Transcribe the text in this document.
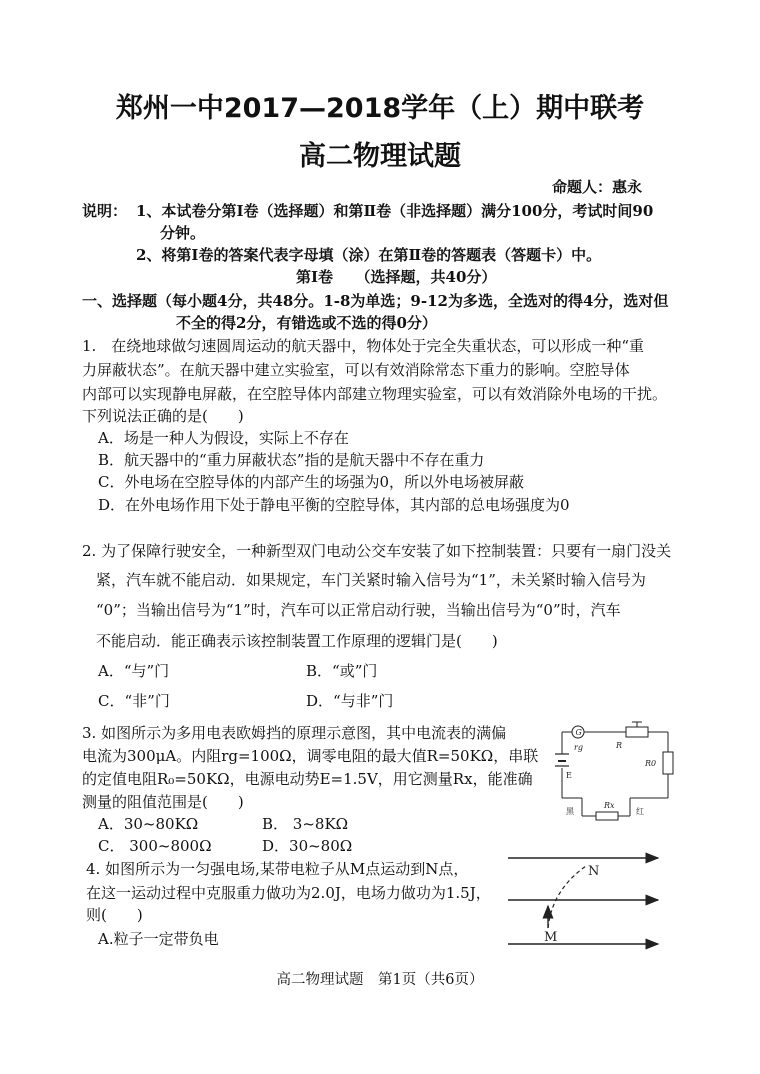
郑州一中2017—2018学年（上）期中联考
高二物理试题
命题人：惠永
说明： 1、本试卷分第Ⅰ卷（选择题）和第Ⅱ卷（非选择题）满分100分，考试时间90
分钟。
2、将第Ⅰ卷的答案代表字母填（涂）在第Ⅱ卷的答题表（答题卡）中。
第Ⅰ卷　　（选择题，共40分）
一、选择题（每小题4分，共48分。1-8为单选；9-12为多选，全选对的得4分，选对但
不全的得2分，有错选或不选的得0分）
1.　在绕地球做匀速圆周运动的航天器中，物体处于完全失重状态，可以形成一种“重
力屏蔽状态”。在航天器中建立实验室，可以有效消除常态下重力的影响。空腔导体
内部可以实现静电屏蔽，在空腔导体内部建立物理实验室，可以有效消除外电场的干扰。
下列说法正确的是(　　)
A．场是一种人为假设，实际上不存在
B．航天器中的“重力屏蔽状态”指的是航天器中不存在重力
C．外电场在空腔导体的内部产生的场强为0，所以外电场被屏蔽
D．在外电场作用下处于静电平衡的空腔导体，其内部的总电场强度为0
2. 为了保障行驶安全，一种新型双门电动公交车安装了如下控制装置：只要有一扇门没关
紧，汽车就不能启动．如果规定，车门关紧时输入信号为“1”，未关紧时输入信号为
“0”；当输出信号为“1”时，汽车可以正常启动行驶，当输出信号为“0”时，汽车
不能启动．能正确表示该控制装置工作原理的逻辑门是(　　)
A．“与”门	B．“或”门
C．“非”门	D．“与非”门
3. 如图所示为多用电表欧姆挡的原理示意图，其中电流表的满偏
电流为300μA。内阻rg=100Ω，调零电阻的最大值R=50KΩ，串联
的定值电阻R₀=50KΩ，电源电动势E=1.5V，用它测量Rx，能准确
测量的阻值范围是(　　)
A．30~80KΩ	B． 3~8KΩ
C． 300~800Ω	D．30~80Ω
G
rg	R
R0
E
Rx
黑	红
4. 如图所示为一匀强电场,某带电粒子从M点运动到N点，
在这一运动过程中克服重力做功为2.0J，电场力做功为1.5J，
则(　　)
A.粒子一定带负电
N
M
高二物理试题　第1页（共6页）
